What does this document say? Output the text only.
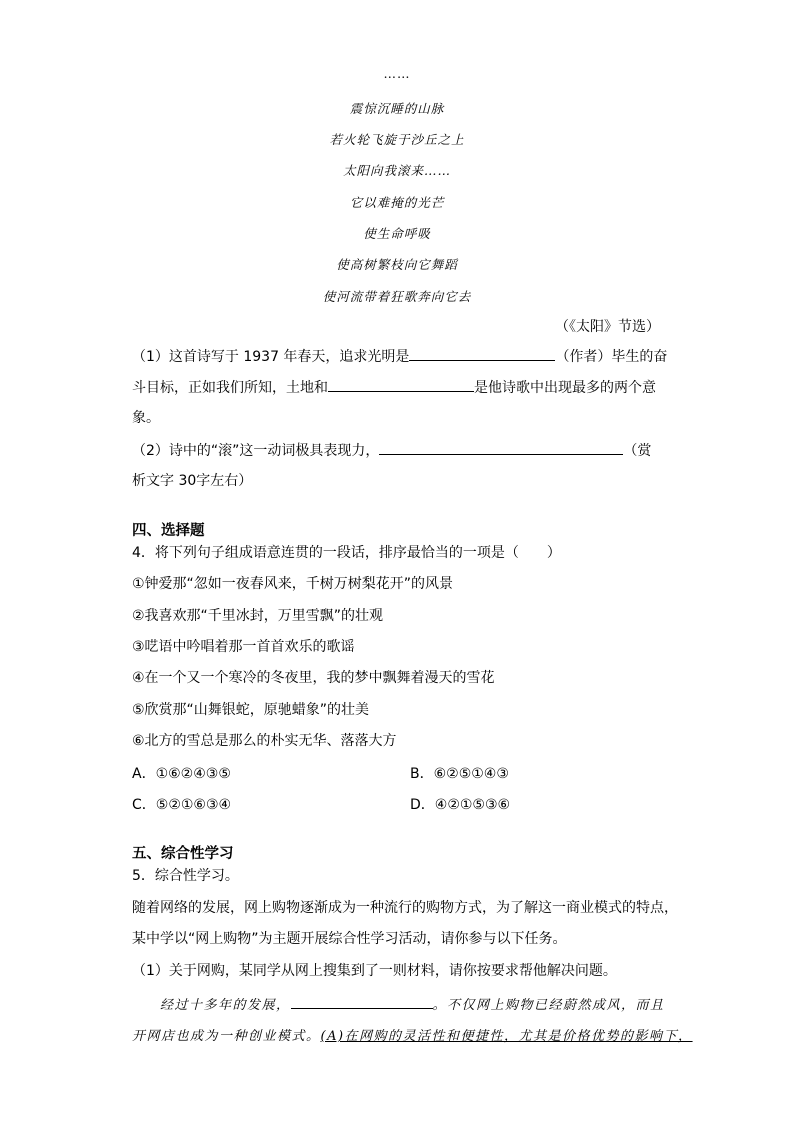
……
震惊沉睡的山脉
若火轮飞旋于沙丘之上
太阳向我滚来……
它以难掩的光芒
使生命呼吸
使高树繁枝向它舞蹈
使河流带着狂歌奔向它去
（《太阳》节选）
（1）这首诗写于 1937 年春天，追求光明是	（作者）毕生的奋
斗目标，正如我们所知，土地和	是他诗歌中出现最多的两个意
象。
（2）诗中的“滚”这一动词极具表现力，	（赏
析文字 30字左右）
四、选择题
4．将下列句子组成语意连贯的一段话，排序最恰当的一项是（　　）
①钟爱那“忽如一夜春风来，千树万树梨花开”的风景
②我喜欢那“千里冰封，万里雪飘”的壮观
③呓语中吟唱着那一首首欢乐的歌谣
④在一个又一个寒冷的冬夜里，我的梦中飘舞着漫天的雪花
⑤欣赏那“山舞银蛇，原驰蜡象”的壮美
⑥北方的雪总是那么的朴实无华、落落大方
A．①⑥②④③⑤	B．⑥②⑤①④③
C．⑤②①⑥③④	D．④②①⑤③⑥
五、综合性学习
5．综合性学习。
随着网络的发展，网上购物逐渐成为一种流行的购物方式，为了解这一商业模式的特点，
某中学以“网上购物”为主题开展综合性学习活动，请你参与以下任务。
（1）关于网购，某同学从网上搜集到了一则材料，请你按要求帮他解决问题。
经过十多年的发展，	。不仅网上购物已经蔚然成风，而且
开网店也成为一种创业模式。(A)在网购的灵活性和便捷性，尤其是价格优势的影响下，
